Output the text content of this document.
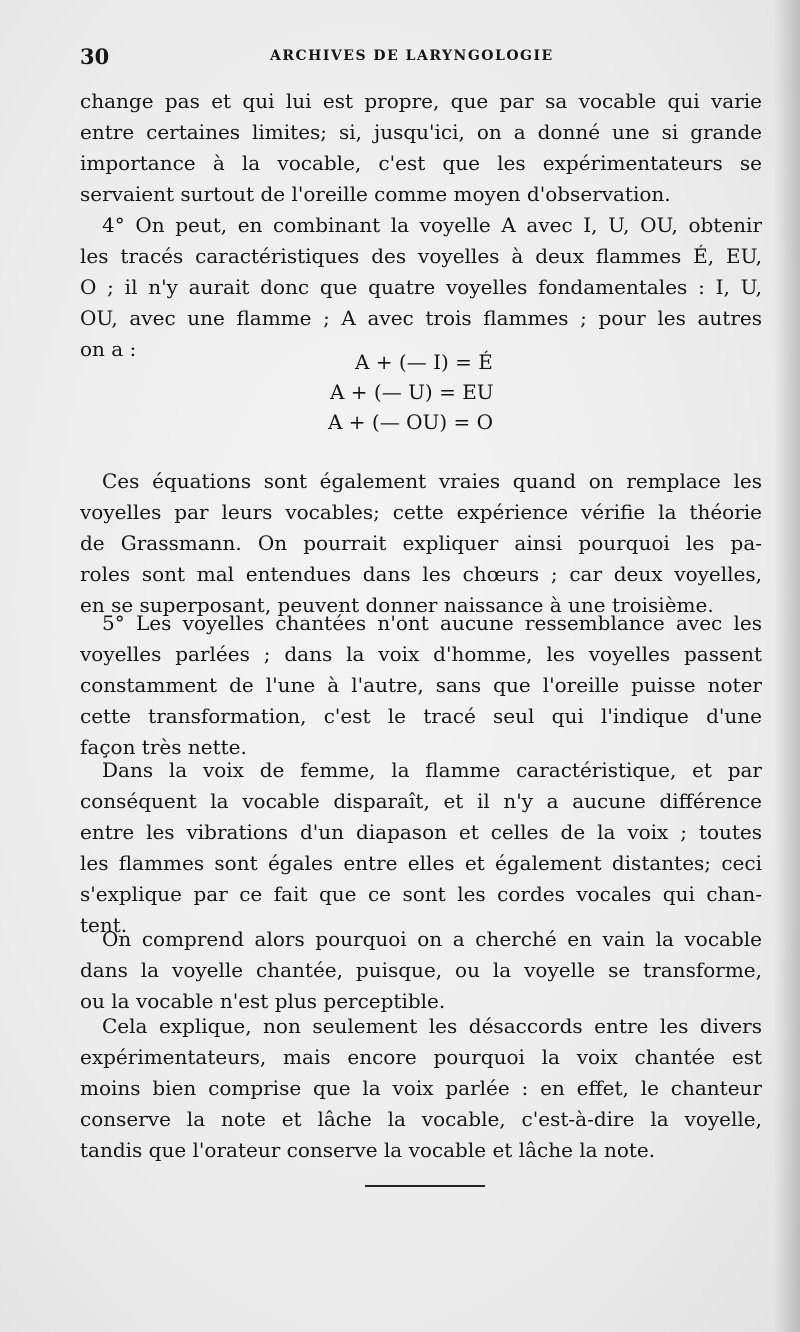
30	ARCHIVES DE LARYNGOLOGIE
change pas et qui lui est propre, que par sa vocable qui varie
entre certaines limites; si, jusqu'ici, on a donné une si grande
importance à la vocable, c'est que les expérimentateurs se
servaient surtout de l'oreille comme moyen d'observation.
4° On peut, en combinant la voyelle A avec I, U, OU, obtenir
les tracés caractéristiques des voyelles à deux flammes É, EU,
O ; il n'y aurait donc que quatre voyelles fondamentales : I, U,
OU, avec une flamme ; A avec trois flammes ; pour les autres
on a :
A + (— I) = É
A + (— U) = EU
A + (— OU) = O
Ces équations sont également vraies quand on remplace les
voyelles par leurs vocables; cette expérience vérifie la théorie
de Grassmann. On pourrait expliquer ainsi pourquoi les pa-
roles sont mal entendues dans les chœurs ; car deux voyelles,
en se superposant, peuvent donner naissance à une troisième.
5° Les voyelles chantées n'ont aucune ressemblance avec les
voyelles parlées ; dans la voix d'homme, les voyelles passent
constamment de l'une à l'autre, sans que l'oreille puisse noter
cette transformation, c'est le tracé seul qui l'indique d'une
façon très nette.
Dans la voix de femme, la flamme caractéristique, et par
conséquent la vocable disparaît, et il n'y a aucune différence
entre les vibrations d'un diapason et celles de la voix ; toutes
les flammes sont égales entre elles et également distantes; ceci
s'explique par ce fait que ce sont les cordes vocales qui chan-
tent.
On comprend alors pourquoi on a cherché en vain la vocable
dans la voyelle chantée, puisque, ou la voyelle se transforme,
ou la vocable n'est plus perceptible.
Cela explique, non seulement les désaccords entre les divers
expérimentateurs, mais encore pourquoi la voix chantée est
moins bien comprise que la voix parlée : en effet, le chanteur
conserve la note et lâche la vocable, c'est-à-dire la voyelle,
tandis que l'orateur conserve la vocable et lâche la note.
